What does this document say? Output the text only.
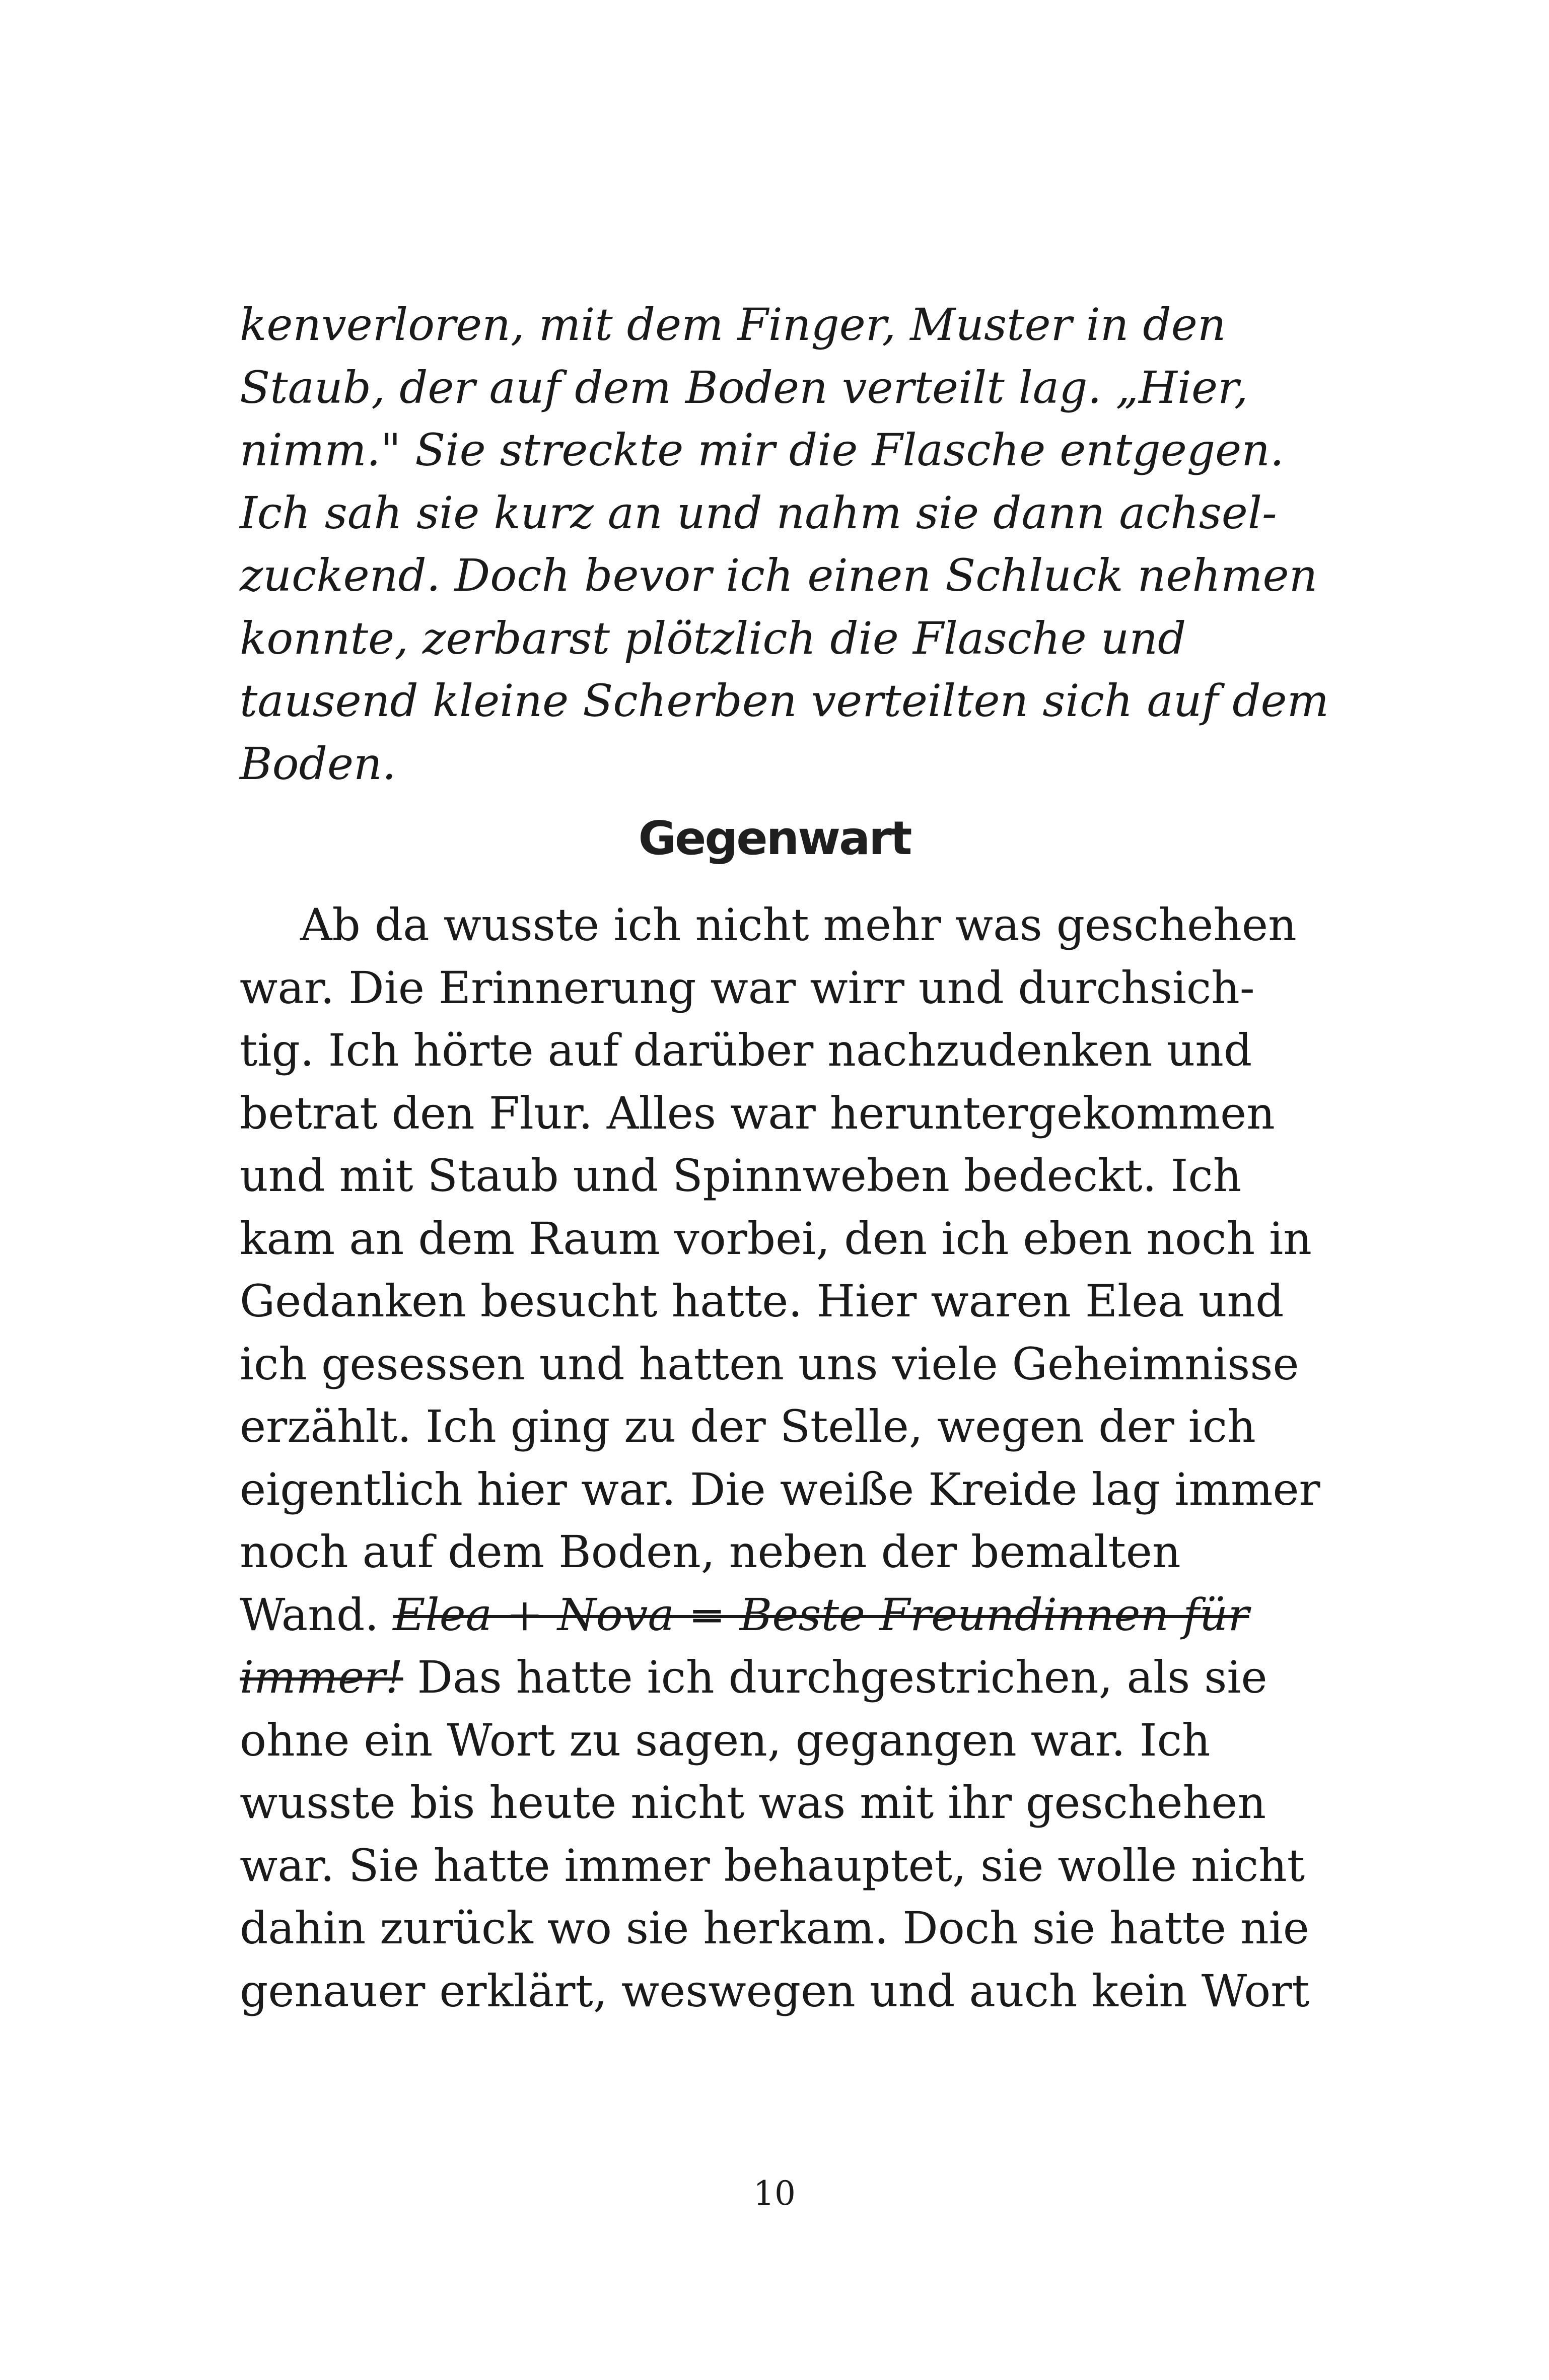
kenverloren, mit dem Finger, Muster in den
Staub, der auf dem Boden verteilt lag. „Hier,
nimm." Sie streckte mir die Flasche entgegen.
Ich sah sie kurz an und nahm sie dann achsel-
zuckend. Doch bevor ich einen Schluck nehmen
konnte, zerbarst plötzlich die Flasche und
tausend kleine Scherben verteilten sich auf dem
Boden.
Gegenwart
Ab da wusste ich nicht mehr was geschehen
war. Die Erinnerung war wirr und durchsich-
tig. Ich hörte auf darüber nachzudenken und
betrat den Flur. Alles war heruntergekommen
und mit Staub und Spinnweben bedeckt. Ich
kam an dem Raum vorbei, den ich eben noch in
Gedanken besucht hatte. Hier waren Elea und
ich gesessen und hatten uns viele Geheimnisse
erzählt. Ich ging zu der Stelle, wegen der ich
eigentlich hier war. Die weiße Kreide lag immer
noch auf dem Boden, neben der bemalten
Wand. Elea + Nova = Beste Freundinnen für
immer! Das hatte ich durchgestrichen, als sie
ohne ein Wort zu sagen, gegangen war. Ich
wusste bis heute nicht was mit ihr geschehen
war. Sie hatte immer behauptet, sie wolle nicht
dahin zurück wo sie herkam. Doch sie hatte nie
genauer erklärt, weswegen und auch kein Wort
10
